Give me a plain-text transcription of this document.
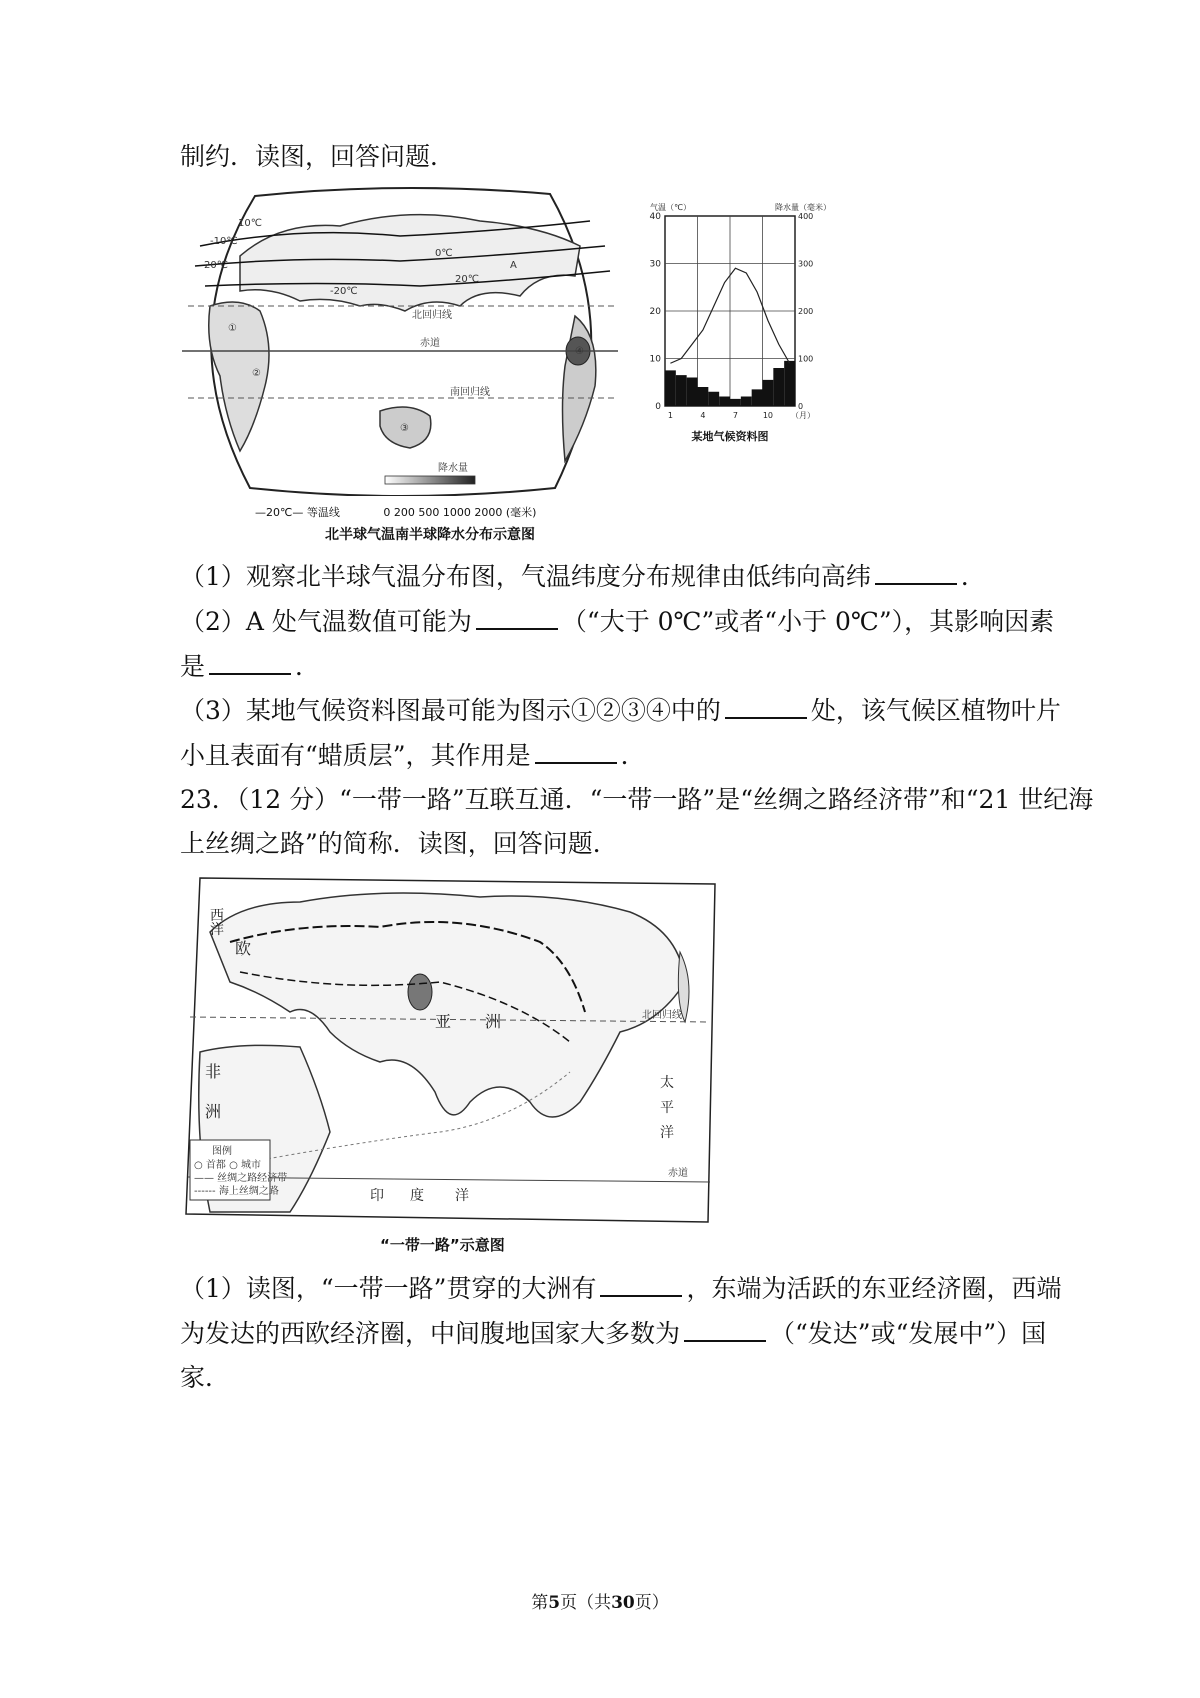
制约．读图，回答问题．
10℃
0℃
-10℃
20℃
-20℃
20℃
北回归线
赤道
南回归线
A
①
②
③
④
降水量
—20℃— 等温线	0 200 500 1000 2000 (毫米)
北半球气温南半球降水分布示意图
0
10
20
30
40
0
100
200
300
400
1	4	7	10 （月）
气温（℃）	降水量（毫米）
某地气候资料图
（1）观察北半球气温分布图，气温纬度分布规律由低纬向高纬	．
（2）A 处气温数值可能为	（“大于 0℃”或者“小于 0℃”），其影响因素
是	．
（3）某地气候资料图最可能为图示①②③④中的	处，该气候区植物叶片
小且表面有“蜡质层”，其作用是	．
23．（12 分）“一带一路”互联互通．“一带一路”是“丝绸之路经济带”和“21 世纪海
上丝绸之路”的简称．读图，回答问题．
西
洋
欧
非
洲
亚 洲
太
平
洋
印 度 洋
北回归线
赤道
图例
○ 首都 ○ 城市
—— 丝绸之路经济带
------ 海上丝绸之路
“一带一路”示意图
（1）读图，“一带一路”贯穿的大洲有	，东端为活跃的东亚经济圈，西端
为发达的西欧经济圈，中间腹地国家大多数为	（“发达”或“发展中”）国
家．
第5页（共30页）
